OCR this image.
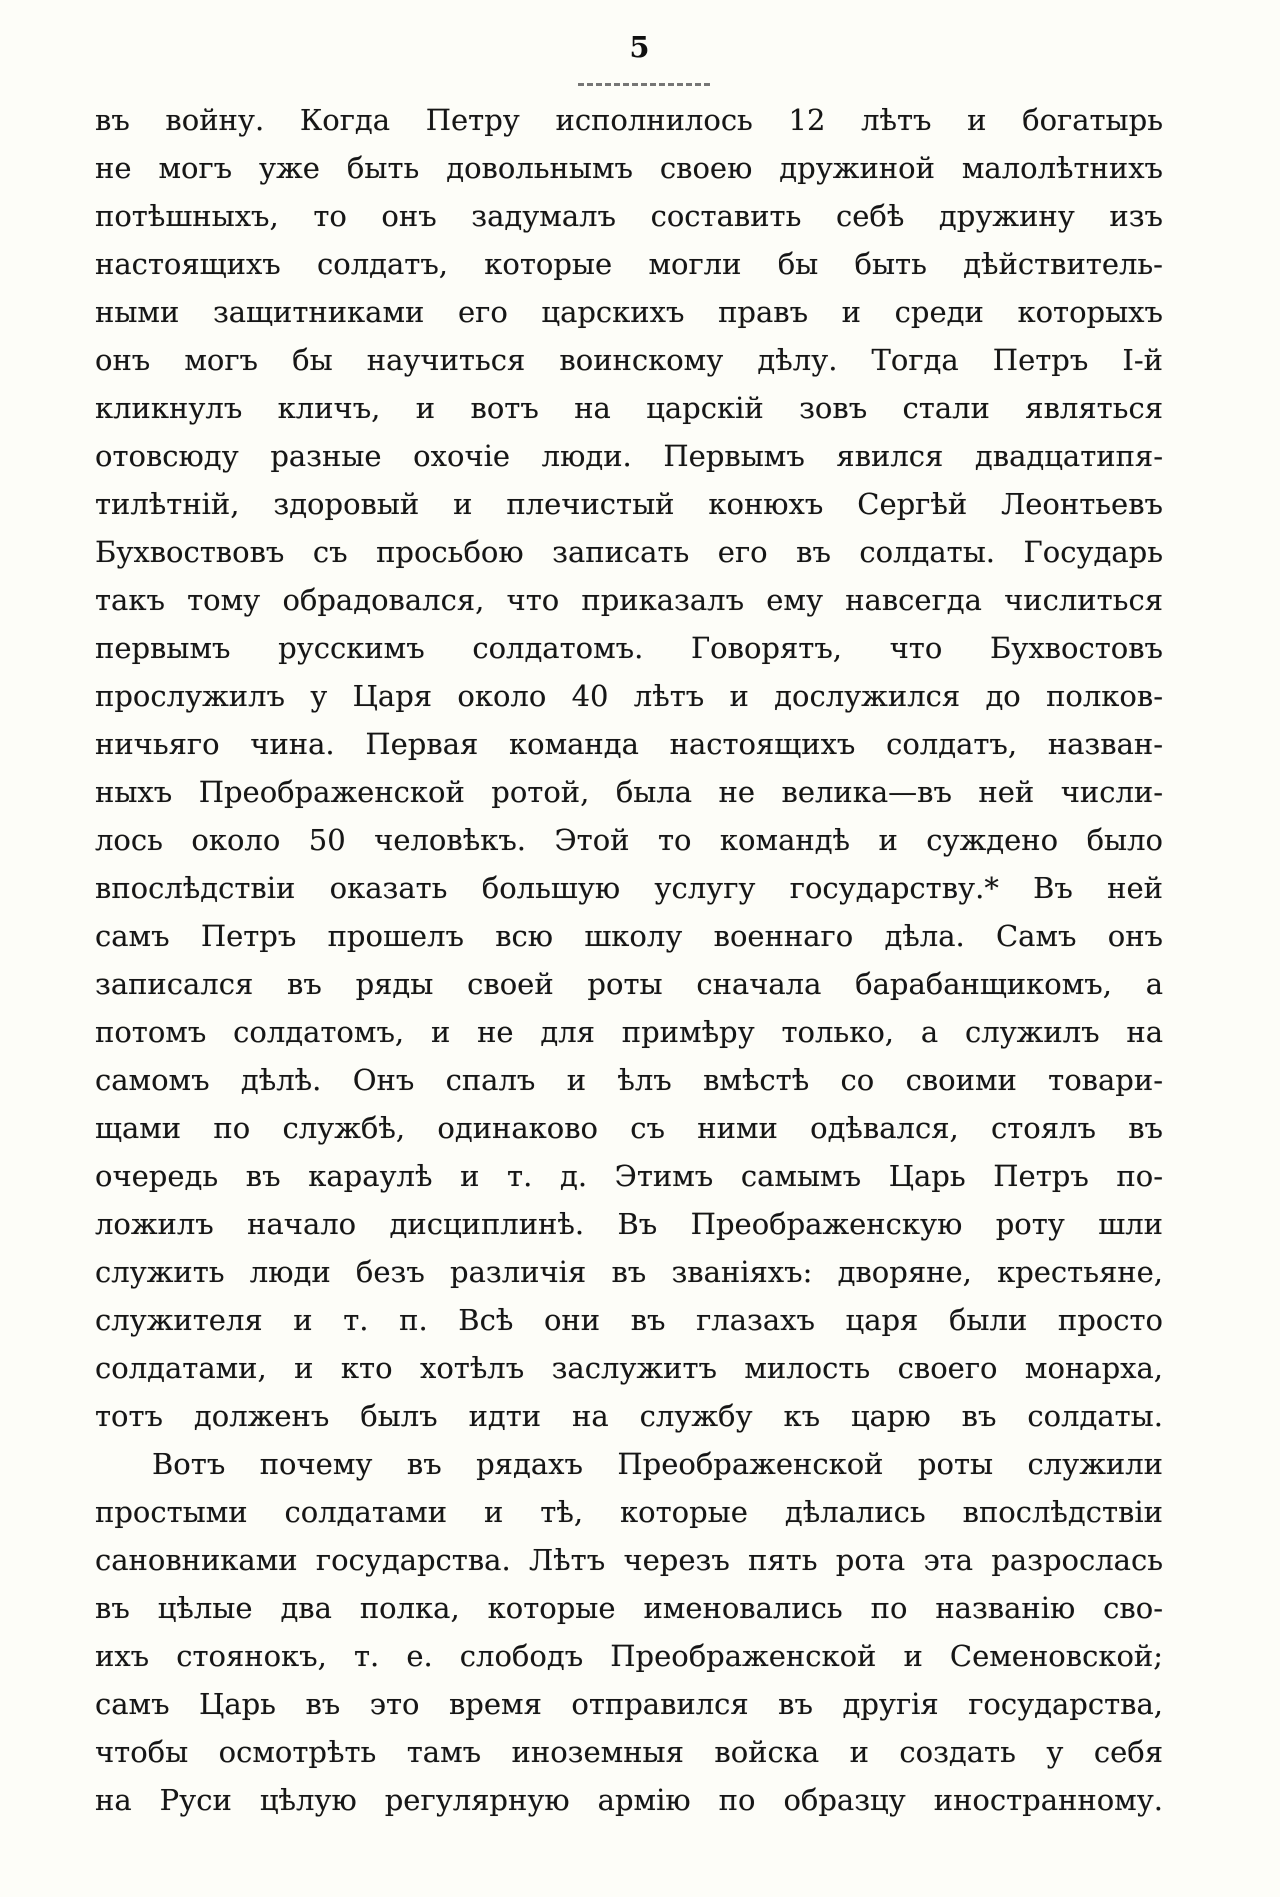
5
въ войну. Когда Петру исполнилось 12 лѣтъ и богатырь
не могъ уже быть довольнымъ своею дружиной малолѣтнихъ
потѣшныхъ, то онъ задумалъ составить себѣ дружину изъ
настоящихъ солдатъ, которые могли бы быть дѣйствитель-
ными защитниками его царскихъ правъ и среди которыхъ
онъ могъ бы научиться воинскому дѣлу. Тогда Петръ I-й
кликнулъ кличъ, и вотъ на царскій зовъ стали являться
отовсюду разные охочіе люди. Первымъ явился двадцатипя-
тилѣтній, здоровый и плечистый конюхъ Сергѣй Леонтьевъ
Бухвоствовъ съ просьбою записать его въ солдаты. Государь
такъ тому обрадовался, что приказалъ ему навсегда числиться
первымъ русскимъ солдатомъ. Говорятъ, что Бухвостовъ
прослужилъ у Царя около 40 лѣтъ и дослужился до полков-
ничьяго чина. Первая команда настоящихъ солдатъ, назван-
ныхъ Преображенской ротой, была не велика—въ ней числи-
лось около 50 человѣкъ. Этой то командѣ и суждено было
впослѣдствіи оказать большую услугу государству.* Въ ней
самъ Петръ прошелъ всю школу военнаго дѣла. Самъ онъ
записался въ ряды своей роты сначала барабанщикомъ, а
потомъ солдатомъ, и не для примѣру только, а служилъ на
самомъ дѣлѣ. Онъ спалъ и ѣлъ вмѣстѣ со своими товари-
щами по службѣ, одинаково съ ними одѣвался, стоялъ въ
очередь въ караулѣ и т. д. Этимъ самымъ Царь Петръ по-
ложилъ начало дисциплинѣ. Въ Преображенскую роту шли
служить люди безъ различія въ званіяхъ: дворяне, крестьяне,
служителя и т. п. Всѣ они въ глазахъ царя были просто
солдатами, и кто хотѣлъ заслужитъ милость своего монарха,
тотъ долженъ былъ идти на службу къ царю въ солдаты.
Вотъ почему въ рядахъ Преображенской роты служили
простыми солдатами и тѣ, которые дѣлались впослѣдствіи
сановниками государства. Лѣтъ черезъ пять рота эта разрослась
въ цѣлые два полка, которые именовались по названію сво-
ихъ стоянокъ, т. е. слободъ Преображенской и Семеновской;
самъ Царь въ это время отправился въ другія государства,
чтобы осмотрѣть тамъ иноземныя войска и создать у себя
на Руси цѣлую регулярную армію по образцу иностранному.
